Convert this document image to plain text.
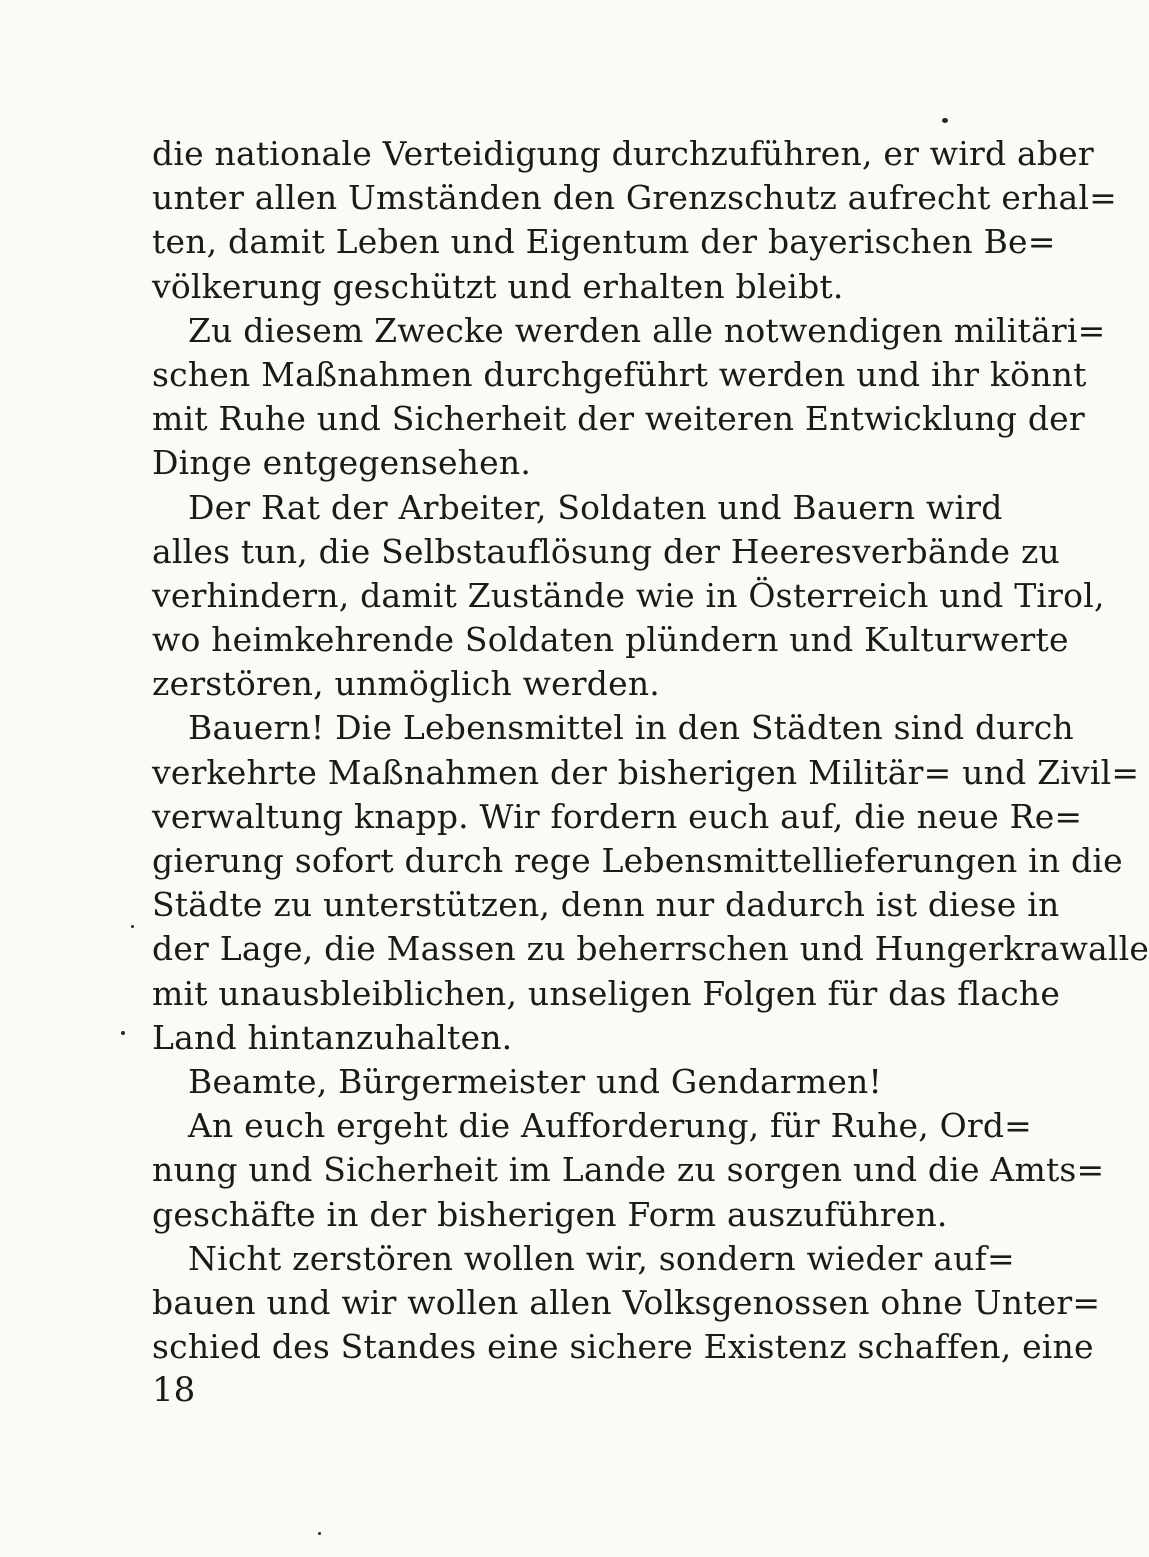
die nationale Verteidigung durchzuführen, er wird aber
unter allen Umständen den Grenzschutz aufrecht erhal=
ten, damit Leben und Eigentum der bayerischen Be=
völkerung geschützt und erhalten bleibt.
Zu diesem Zwecke werden alle notwendigen militäri=
schen Maßnahmen durchgeführt werden und ihr könnt
mit Ruhe und Sicherheit der weiteren Entwicklung der
Dinge entgegensehen.
Der Rat der Arbeiter, Soldaten und Bauern wird
alles tun, die Selbstauflösung der Heeresverbände zu
verhindern, damit Zustände wie in Österreich und Tirol,
wo heimkehrende Soldaten plündern und Kulturwerte
zerstören, unmöglich werden.
Bauern! Die Lebensmittel in den Städten sind durch
verkehrte Maßnahmen der bisherigen Militär= und Zivil=
verwaltung knapp. Wir fordern euch auf, die neue Re=
gierung sofort durch rege Lebensmittellieferungen in die
Städte zu unterstützen, denn nur dadurch ist diese in
der Lage, die Massen zu beherrschen und Hungerkrawalle
mit unausbleiblichen, unseligen Folgen für das flache
Land hintanzuhalten.
Beamte, Bürgermeister und Gendarmen!
An euch ergeht die Aufforderung, für Ruhe, Ord=
nung und Sicherheit im Lande zu sorgen und die Amts=
geschäfte in der bisherigen Form auszuführen.
Nicht zerstören wollen wir, sondern wieder auf=
bauen und wir wollen allen Volksgenossen ohne Unter=
schied des Standes eine sichere Existenz schaffen, eine
18
